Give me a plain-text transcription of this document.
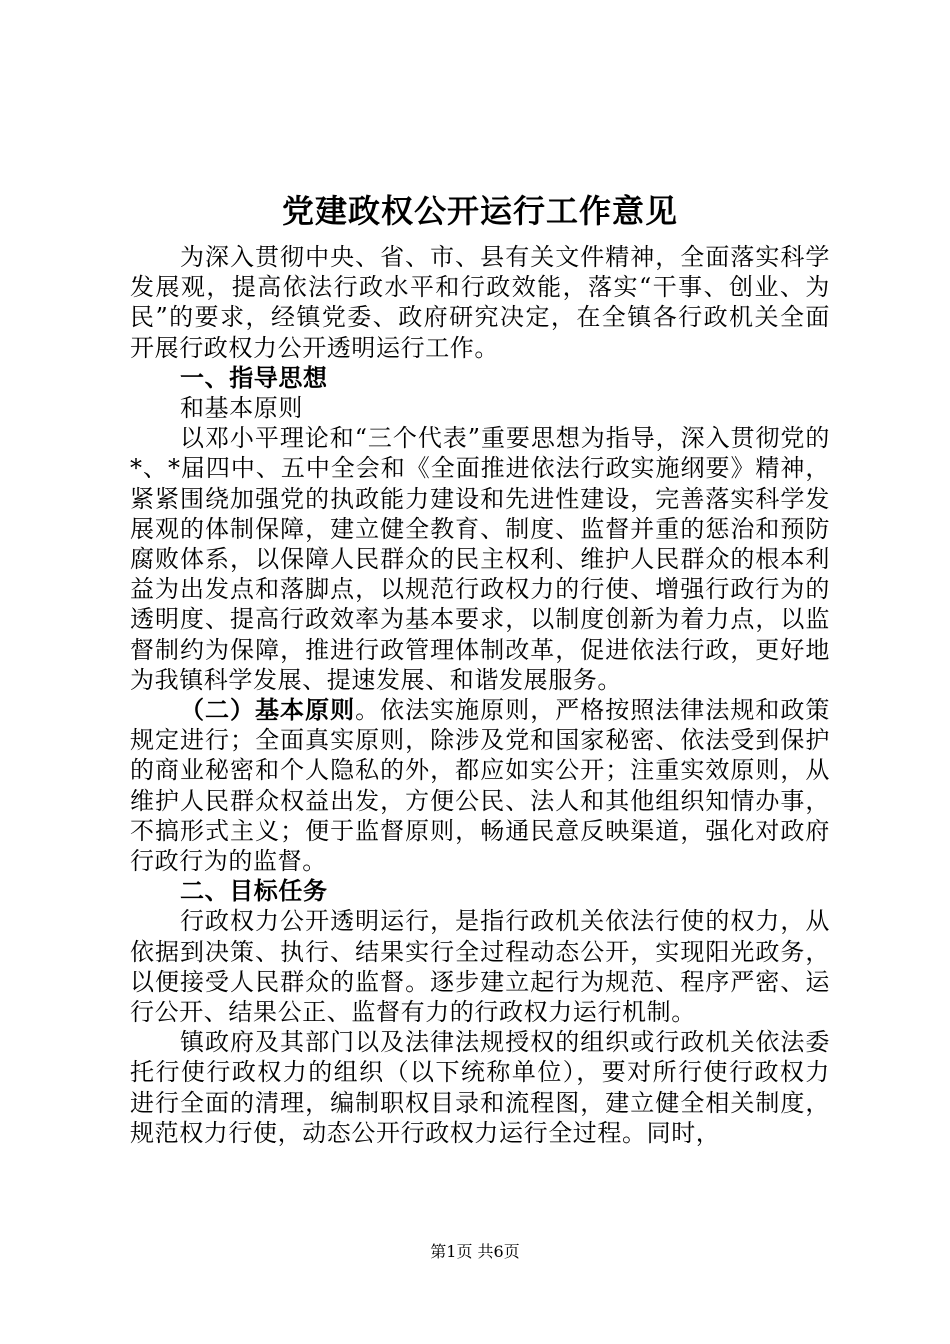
党建政权公开运行工作意见

为深入贯彻中央、省、市、县有关文件精神，全面落实科学发展观，提高依法行政水平和行政效能，落实“干事、创业、为民”的要求，经镇党委、政府研究决定，在全镇各行政机关全面开展行政权力公开透明运行工作。

一、指导思想

和基本原则

以邓小平理论和“三个代表”重要思想为指导，深入贯彻党的*、*届四中、五中全会和《全面推进依法行政实施纲要》精神，紧紧围绕加强党的执政能力建设和先进性建设，完善落实科学发展观的体制保障，建立健全教育、制度、监督并重的惩治和预防腐败体系，以保障人民群众的民主权利、维护人民群众的根本利益为出发点和落脚点，以规范行政权力的行使、增强行政行为的透明度、提高行政效率为基本要求，以制度创新为着力点，以监督制约为保障，推进行政管理体制改革，促进依法行政，更好地为我镇科学发展、提速发展、和谐发展服务。

（二）基本原则。依法实施原则，严格按照法律法规和政策规定进行；全面真实原则，除涉及党和国家秘密、依法受到保护的商业秘密和个人隐私的外，都应如实公开；注重实效原则，从维护人民群众权益出发，方便公民、法人和其他组织知情办事，不搞形式主义；便于监督原则，畅通民意反映渠道，强化对政府行政行为的监督。

二、目标任务

行政权力公开透明运行，是指行政机关依法行使的权力，从依据到决策、执行、结果实行全过程动态公开，实现阳光政务，以便接受人民群众的监督。逐步建立起行为规范、程序严密、运行公开、结果公正、监督有力的行政权力运行机制。

镇政府及其部门以及法律法规授权的组织或行政机关依法委托行使行政权力的组织（以下统称单位），要对所行使行政权力进行全面的清理，编制职权目录和流程图，建立健全相关制度，规范权力行使，动态公开行政权力运行全过程。同时，

第1页 共6页
